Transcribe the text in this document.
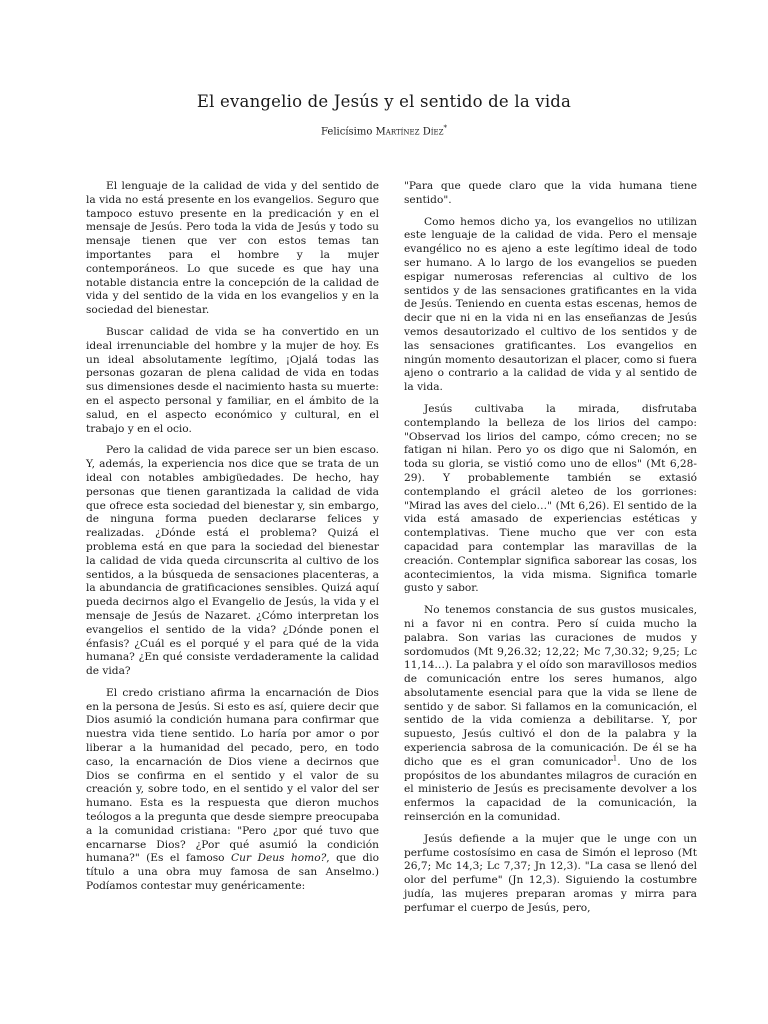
El evangelio de Jesús y el sentido de la vida
Felicísimo Martínez Díez*

El lenguaje de la calidad de vida y del sentido de la vida no está presente en los evangelios. Seguro que tampoco estuvo presente en la predicación y en el mensaje de Jesús. Pero toda la vida de Jesús y todo su mensaje tienen que ver con estos temas tan importantes para el hombre y la mujer contemporáneos. Lo que sucede es que hay una notable distancia entre la concepción de la calidad de vida y del sentido de la vida en los evangelios y en la sociedad del bienestar.

Buscar calidad de vida se ha convertido en un ideal irrenunciable del hombre y la mujer de hoy. Es un ideal absolutamente legítimo, ¡Ojalá todas las personas gozaran de plena calidad de vida en todas sus dimensiones desde el nacimiento hasta su muerte: en el aspecto personal y familiar, en el ámbito de la salud, en el aspecto económico y cultural, en el trabajo y en el ocio.

Pero la calidad de vida parece ser un bien escaso. Y, además, la experiencia nos dice que se trata de un ideal con notables ambigüedades. De hecho, hay personas que tienen garantizada la calidad de vida que ofrece esta sociedad del bienestar y, sin embargo, de ninguna forma pueden declararse felices y realizadas. ¿Dónde está el problema? Quizá el problema está en que para la sociedad del bienestar la calidad de vida queda circunscrita al cultivo de los sentidos, a la búsqueda de sensaciones placenteras, a la abundancia de gratificaciones sensibles. Quizá aquí pueda decirnos algo el Evangelio de Jesús, la vida y el mensaje de Jesús de Nazaret. ¿Cómo interpretan los evangelios el sentido de la vida? ¿Dónde ponen el énfasis? ¿Cuál es el porqué y el para qué de la vida humana? ¿En qué consiste verdaderamente la calidad de vida?

El credo cristiano afirma la encarnación de Dios en la persona de Jesús. Si esto es así, quiere decir que Dios asumió la condición humana para confirmar que nuestra vida tiene sentido. Lo haría por amor o por liberar a la humanidad del pecado, pero, en todo caso, la encarnación de Dios viene a decirnos que Dios se confirma en el sentido y el valor de su creación y, sobre todo, en el sentido y el valor del ser humano. Esta es la respuesta que dieron muchos teólogos a la pregunta que desde siempre preocupaba a la comunidad cristiana: "Pero ¿por qué tuvo que encarnarse Dios? ¿Por qué asumió la condición humana?" (Es el famoso Cur Deus homo?, que dio título a una obra muy famosa de san Anselmo.) Podíamos contestar muy genéricamente:

"Para que quede claro que la vida humana tiene sentido".

Como hemos dicho ya, los evangelios no utilizan este lenguaje de la calidad de vida. Pero el mensaje evangélico no es ajeno a este legítimo ideal de todo ser humano. A lo largo de los evangelios se pueden espigar numerosas referencias al cultivo de los sentidos y de las sensaciones gratificantes en la vida de Jesús. Teniendo en cuenta estas escenas, hemos de decir que ni en la vida ni en las enseñanzas de Jesús vemos desautorizado el cultivo de los sentidos y de las sensaciones gratificantes. Los evangelios en ningún momento desautorizan el placer, como si fuera ajeno o contrario a la calidad de vida y al sentido de la vida.

Jesús cultivaba la mirada, disfrutaba contemplando la belleza de los lirios del campo: "Observad los lirios del campo, cómo crecen; no se fatigan ni hilan. Pero yo os digo que ni Salomón, en toda su gloria, se vistió como uno de ellos" (Mt 6,28-29). Y probablemente también se extasió contemplando el grácil aleteo de los gorriones: "Mirad las aves del cielo…" (Mt 6,26). El sentido de la vida está amasado de experiencias estéticas y contemplativas. Tiene mucho que ver con esta capacidad para contemplar las maravillas de la creación. Contemplar significa saborear las cosas, los acontecimientos, la vida misma. Significa tomarle gusto y sabor.

No tenemos constancia de sus gustos musicales, ni a favor ni en contra. Pero sí cuida mucho la palabra. Son varias las curaciones de mudos y sordomudos (Mt 9,26.32; 12,22; Mc 7,30.32; 9,25; Lc 11,14…). La palabra y el oído son maravillosos medios de comunicación entre los seres humanos, algo absolutamente esencial para que la vida se llene de sentido y de sabor. Si fallamos en la comunicación, el sentido de la vida comienza a debilitarse. Y, por supuesto, Jesús cultivó el don de la palabra y la experiencia sabrosa de la comunicación. De él se ha dicho que es el gran comunicador$^1$. Uno de los propósitos de los abundantes milagros de curación en el ministerio de Jesús es precisamente devolver a los enfermos la capacidad de la comunicación, la reinserción en la comunidad.

Jesús defiende a la mujer que le unge con un perfume costosísimo en casa de Simón el leproso (Mt 26,7; Mc 14,3; Lc 7,37; Jn 12,3). "La casa se llenó del olor del perfume" (Jn 12,3). Siguiendo la costumbre judía, las mujeres preparan aromas y mirra para perfumar el cuerpo de Jesús, pero,
